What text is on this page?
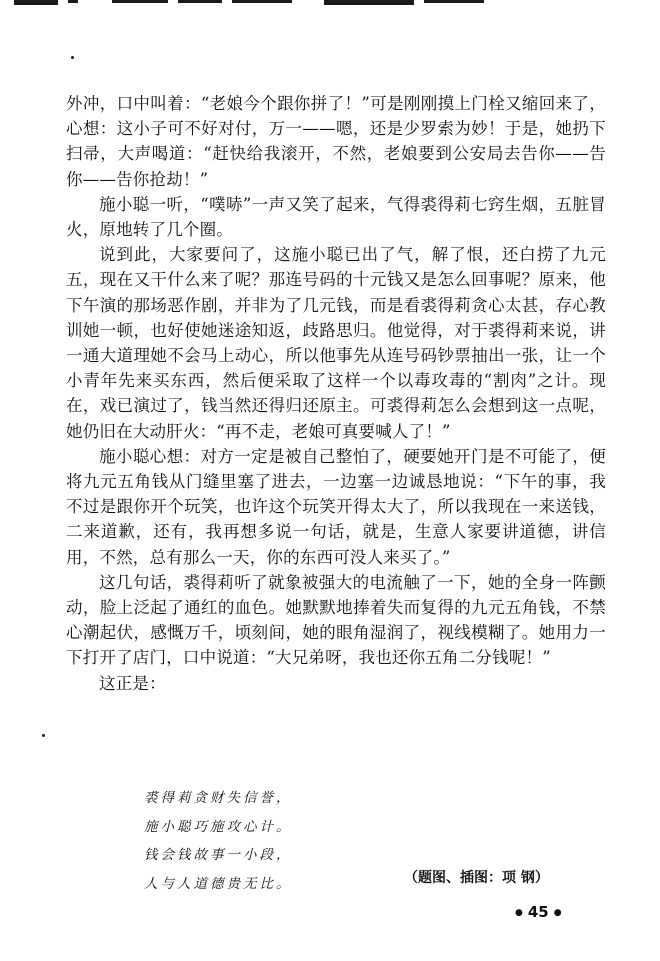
外冲，口中叫着：“老娘今个跟你拼了！”可是刚刚摸上门栓又缩回来了，心想：这小子可不好对付，万一——嗯，还是少罗索为妙！于是，她扔下扫帚，大声喝道：“赶快给我滚开，不然，老娘要到公安局去告你——告你——告你抢劫！”

施小聪一听，“噗哧”一声又笑了起来，气得裘得莉七窍生烟，五脏冒火，原地转了几个圈。

说到此，大家要问了，这施小聪已出了气，解了恨，还白捞了九元五，现在又干什么来了呢？那连号码的十元钱又是怎么回事呢？原来，他下午演的那场恶作剧，并非为了几元钱，而是看裘得莉贪心太甚，存心教训她一顿，也好使她迷途知返，歧路思归。他觉得，对于裘得莉来说，讲一通大道理她不会马上动心，所以他事先从连号码钞票抽出一张，让一个小青年先来买东西，然后便采取了这样一个以毒攻毒的“割肉”之计。现在，戏已演过了，钱当然还得归还原主。可裘得莉怎么会想到这一点呢，她仍旧在大动肝火：“再不走，老娘可真要喊人了！”

施小聪心想：对方一定是被自己整怕了，硬要她开门是不可能了，便将九元五角钱从门缝里塞了进去，一边塞一边诚恳地说：“下午的事，我不过是跟你开个玩笑，也许这个玩笑开得太大了，所以我现在一来送钱，二来道歉，还有，我再想多说一句话，就是，生意人家要讲道德，讲信用，不然，总有那么一天，你的东西可没人来买了。”

这几句话，裘得莉听了就象被强大的电流触了一下，她的全身一阵颤动，脸上泛起了通红的血色。她默默地捧着失而复得的九元五角钱，不禁心潮起伏，感慨万千，顷刻间，她的眼角湿润了，视线模糊了。她用力一下打开了店门，口中说道：“大兄弟呀，我也还你五角二分钱呢！”

这正是：

裘得莉贪财失信誉，
施小聪巧施攻心计。
钱会钱故事一小段，
人与人道德贵无比。	（题图、插图：项 钢）
● 45 ●
